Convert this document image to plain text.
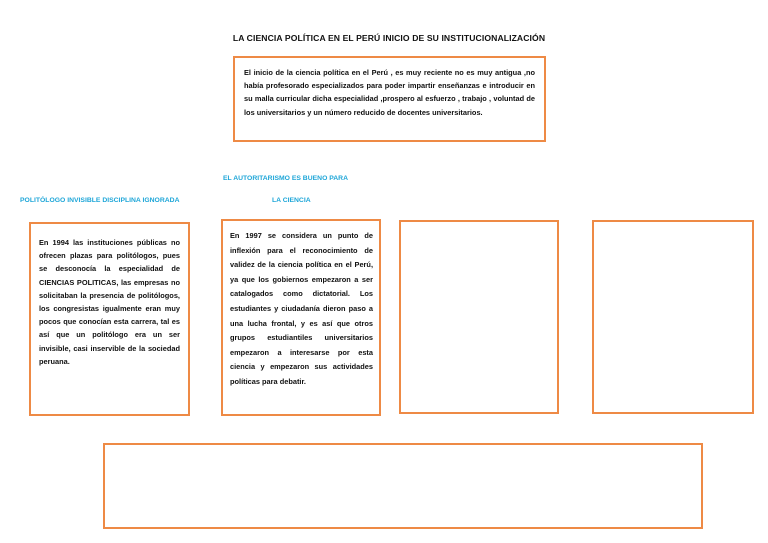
LA CIENCIA POLÍTICA EN EL PERÚ INICIO DE SU INSTITUCIONALIZACIÓN

El inicio de la ciencia política en el Perú , es muy reciente no es muy antigua ,no había profesorado especializados para poder impartir enseñanzas e introducir en su malla curricular dicha especialidad ,prospero al esfuerzo , trabajo , voluntad de los universitarios y un número reducido de docentes universitarios.

EL AUTORITARISMO ES BUENO PARA
POLITÓLOGO INVISIBLE DISCIPLINA IGNORADA	LA CIENCIA

En 1994 las instituciones públicas no ofrecen plazas para politólogos, pues se desconocía la especialidad de CIENCIAS POLITICAS, las empresas no solicitaban la presencia de politólogos, los congresistas igualmente eran muy pocos que conocían esta carrera, tal es así que un politólogo era un ser invisible, casi inservible de la sociedad peruana.

En 1997 se considera un punto de inflexión para el reconocimiento de validez de la ciencia política en el Perú, ya que los gobiernos empezaron a ser catalogados como dictatorial. Los estudiantes y ciudadanía dieron paso a una lucha frontal, y es así que otros grupos estudiantiles universitarios empezaron a interesarse por esta ciencia y empezaron sus actividades políticas para debatir.
